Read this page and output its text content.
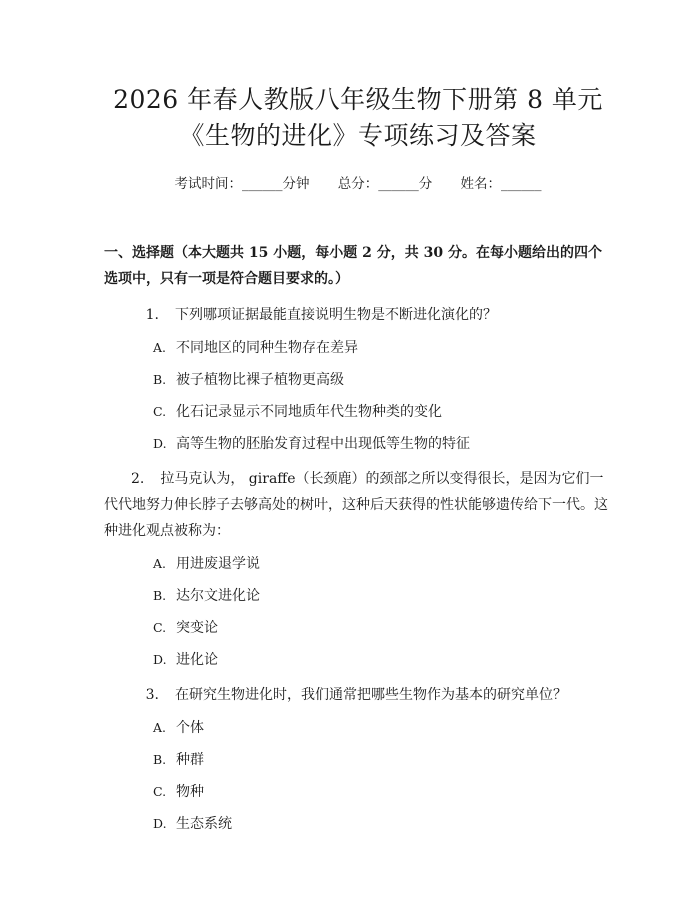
2026 年春人教版八年级生物下册第 8 单元
《生物的进化》专项练习及答案
考试时间：______分钟 总分：______分 姓名：______
一、选择题（本大题共 15 小题，每小题 2 分，共 30 分。在每小题给出的四个选项中，只有一项是符合题目要求的。）
1. 下列哪项证据最能直接说明生物是不断进化演化的？
A. 不同地区的同种生物存在差异
B. 被子植物比裸子植物更高级
C. 化石记录显示不同地质年代生物种类的变化
D. 高等生物的胚胎发育过程中出现低等生物的特征
2. 拉马克认为， giraffe（长颈鹿）的颈部之所以变得很长，是因为它们一代代地努力伸长脖子去够高处的树叶，这种后天获得的性状能够遗传给下一代。这种进化观点被称为：
A. 用进废退学说
B. 达尔文进化论
C. 突变论
D. 进化论
3. 在研究生物进化时，我们通常把哪些生物作为基本的研究单位？
A. 个体
B. 种群
C. 物种
D. 生态系统
